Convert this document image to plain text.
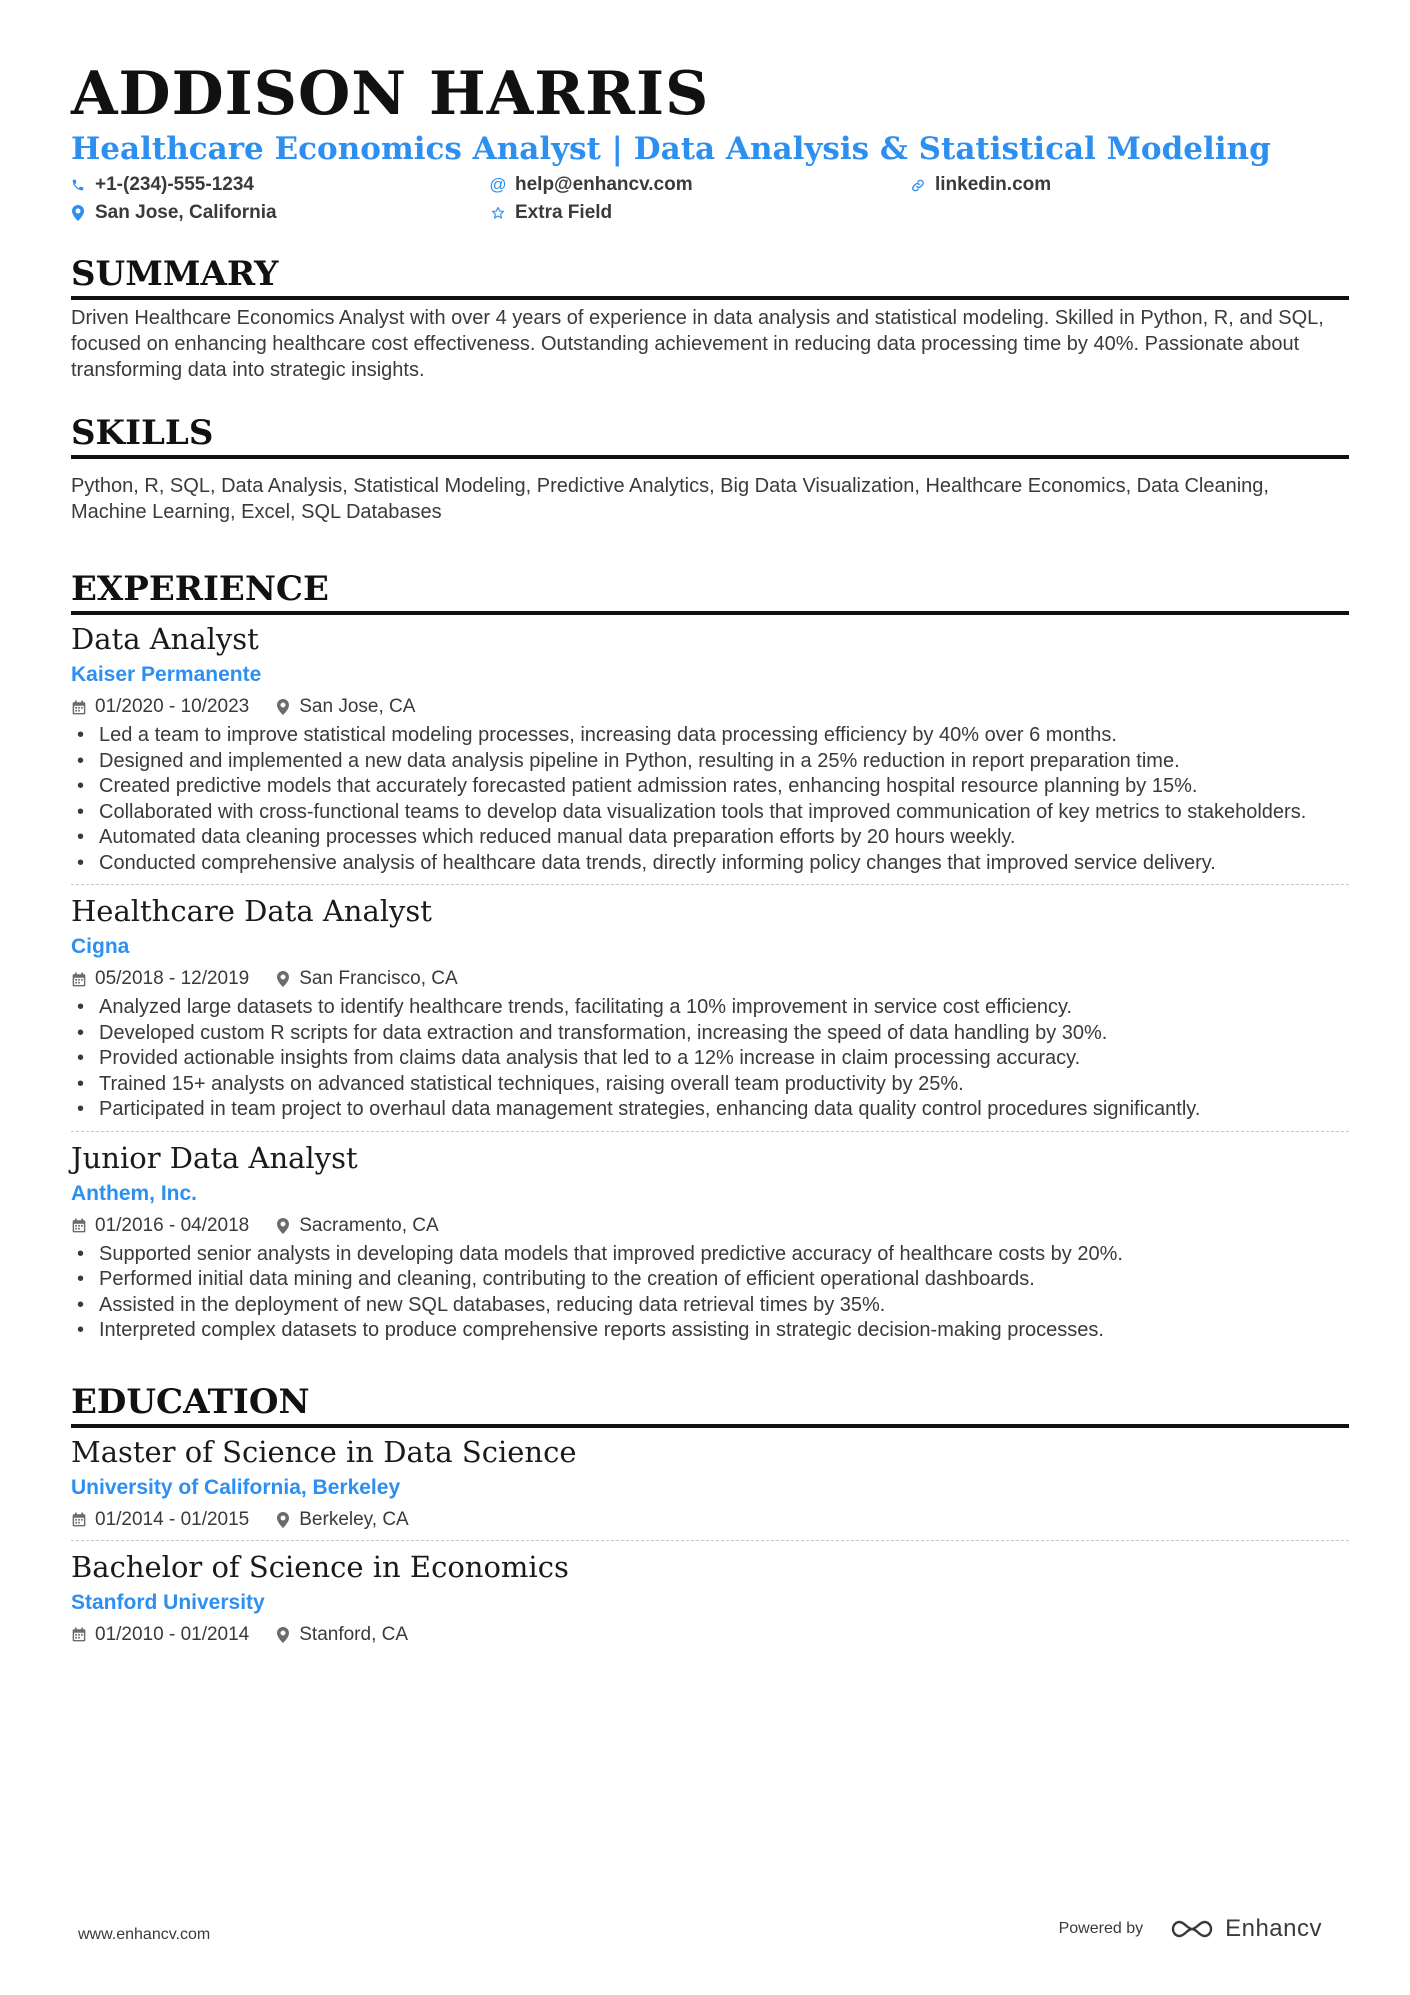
ADDISON HARRIS
Healthcare Economics Analyst | Data Analysis & Statistical Modeling
+1-(234)-555-1234	@ help@enhancv.com	linkedin.com
San Jose, California	Extra Field
SUMMARY

Driven Healthcare Economics Analyst with over 4 years of experience in data analysis and statistical modeling. Skilled in Python, R, and SQL, focused on enhancing healthcare cost effectiveness. Outstanding achievement in reducing data processing time by 40%. Passionate about transforming data into strategic insights.

SKILLS

Python, R, SQL, Data Analysis, Statistical Modeling, Predictive Analytics, Big Data Visualization, Healthcare Economics, Data Cleaning, Machine Learning, Excel, SQL Databases

EXPERIENCE
Data Analyst
Kaiser Permanente
01/2020 - 10/2023	San Jose, CA
• Led a team to improve statistical modeling processes, increasing data processing efficiency by 40% over 6 months.
• Designed and implemented a new data analysis pipeline in Python, resulting in a 25% reduction in report preparation time.
• Created predictive models that accurately forecasted patient admission rates, enhancing hospital resource planning by 15%.
• Collaborated with cross-functional teams to develop data visualization tools that improved communication of key metrics to stakeholders.
• Automated data cleaning processes which reduced manual data preparation efforts by 20 hours weekly.
• Conducted comprehensive analysis of healthcare data trends, directly informing policy changes that improved service delivery.
Healthcare Data Analyst
Cigna
05/2018 - 12/2019	San Francisco, CA
• Analyzed large datasets to identify healthcare trends, facilitating a 10% improvement in service cost efficiency.
• Developed custom R scripts for data extraction and transformation, increasing the speed of data handling by 30%.
• Provided actionable insights from claims data analysis that led to a 12% increase in claim processing accuracy.
• Trained 15+ analysts on advanced statistical techniques, raising overall team productivity by 25%.
• Participated in team project to overhaul data management strategies, enhancing data quality control procedures significantly.
Junior Data Analyst
Anthem, Inc.
01/2016 - 04/2018	Sacramento, CA
• Supported senior analysts in developing data models that improved predictive accuracy of healthcare costs by 20%.
• Performed initial data mining and cleaning, contributing to the creation of efficient operational dashboards.
• Assisted in the deployment of new SQL databases, reducing data retrieval times by 35%.
• Interpreted complex datasets to produce comprehensive reports assisting in strategic decision-making processes.
EDUCATION
Master of Science in Data Science
University of California, Berkeley
01/2014 - 01/2015	Berkeley, CA
Bachelor of Science in Economics
Stanford University
01/2010 - 01/2014	Stanford, CA
www.enhancv.com	Powered by	Enhancv
